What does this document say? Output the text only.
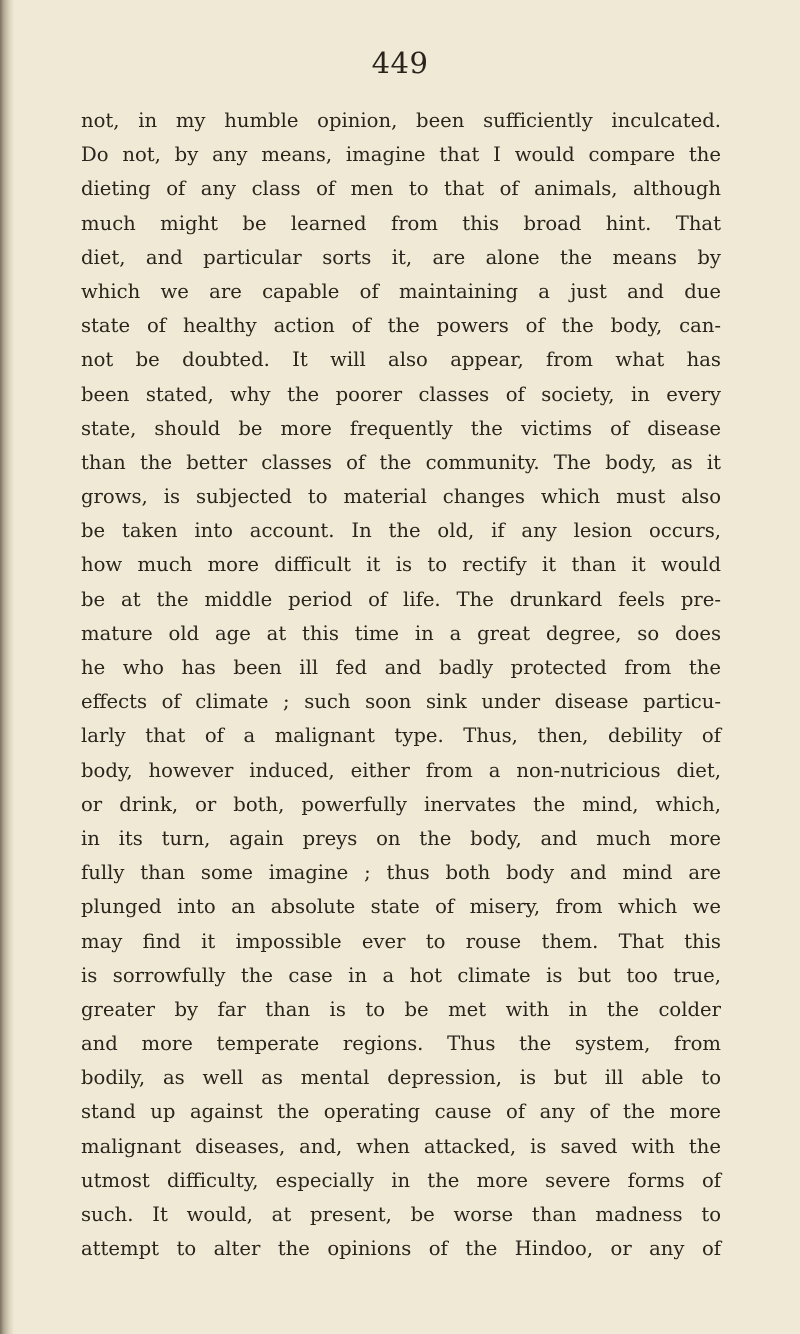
449
not, in my humble opinion, been sufficiently inculcated.
Do not, by any means, imagine that I would compare the
dieting of any class of men to that of animals, although
much might be learned from this broad hint. That
diet, and particular sorts it, are alone the means by
which we are capable of maintaining a just and due
state of healthy action of the powers of the body, can-
not be doubted. It will also appear, from what has
been stated, why the poorer classes of society, in every
state, should be more frequently the victims of disease
than the better classes of the community. The body, as it
grows, is subjected to material changes which must also
be taken into account. In the old, if any lesion occurs,
how much more difficult it is to rectify it than it would
be at the middle period of life. The drunkard feels pre-
mature old age at this time in a great degree, so does
he who has been ill fed and badly protected from the
effects of climate ; such soon sink under disease particu-
larly that of a malignant type. Thus, then, debility of
body, however induced, either from a non-nutricious diet,
or drink, or both, powerfully inervates the mind, which,
in its turn, again preys on the body, and much more
fully than some imagine ; thus both body and mind are
plunged into an absolute state of misery, from which we
may find it impossible ever to rouse them. That this
is sorrowfully the case in a hot climate is but too true,
greater by far than is to be met with in the colder
and more temperate regions. Thus the system, from
bodily, as well as mental depression, is but ill able to
stand up against the operating cause of any of the more
malignant diseases, and, when attacked, is saved with the
utmost difficulty, especially in the more severe forms of
such. It would, at present, be worse than madness to
attempt to alter the opinions of the Hindoo, or any of
